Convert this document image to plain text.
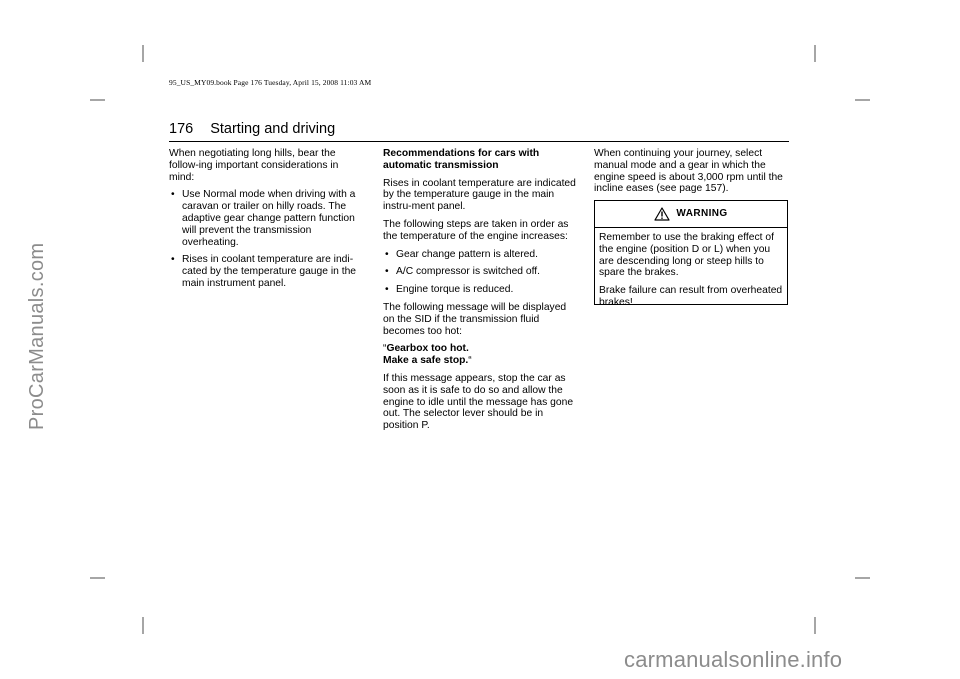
95_US_MY09.book Page 176 Tuesday, April 15, 2008 11:03 AM
ProCarManuals.com
176 Starting and driving

When negotiating long hills, bear the follow-ing important considerations in mind:

• Use Normal mode when driving with a caravan or trailer on hilly roads. The adaptive gear change pattern function will prevent the transmission overheating.
• Rises in coolant temperature are indi-cated by the temperature gauge in the main instrument panel.

Recommendations for cars with automatic transmission

Rises in coolant temperature are indicated by the temperature gauge in the main instru-ment panel.

The following steps are taken in order as the temperature of the engine increases:

• Gear change pattern is altered.
• A/C compressor is switched off.
• Engine torque is reduced.

The following message will be displayed on the SID if the transmission fluid becomes too hot:

“Gearbox too hot.
Make a safe stop.“

If this message appears, stop the car as soon as it is safe to do so and allow the engine to idle until the message has gone out. The selector lever should be in position P.

When continuing your journey, select manual mode and a gear in which the engine speed is about 3,000 rpm until the incline eases (see page 157).

WARNING

Remember to use the braking effect of the engine (position D or L) when you are descending long or steep hills to spare the brakes.

Brake failure can result from overheated brakes!

carmanualsonline.info
